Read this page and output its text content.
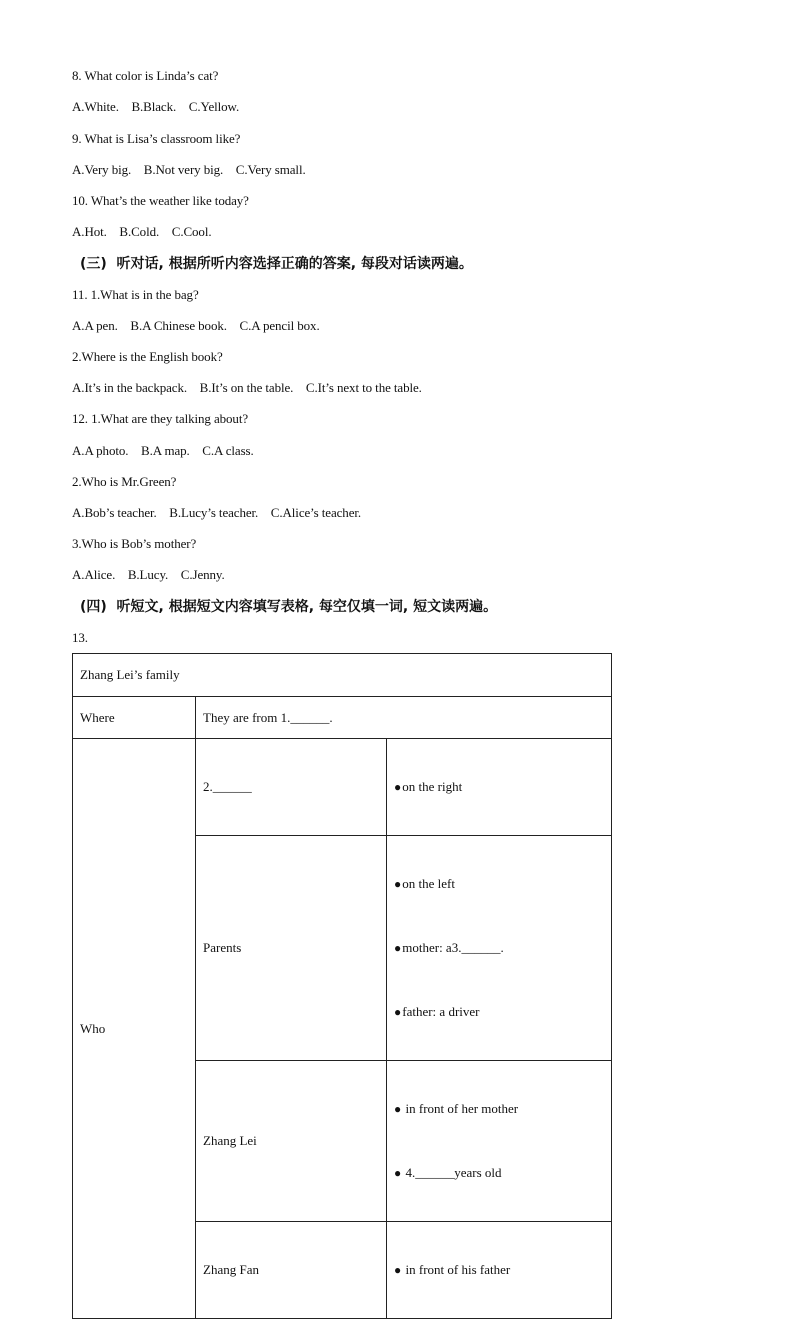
8. What color is Linda’s cat?
A.White.    B.Black.    C.Yellow.
9. What is Lisa’s classroom like?
A.Very big.    B.Not very big.    C.Very small.
10. What’s the weather like today?
A.Hot.    B.Cold.    C.Cool.
(三)  听对话, 根据所听内容选择正确的答案, 每段对话读两遍。
11. 1.What is in the bag?
A.A pen.    B.A Chinese book.    C.A pencil box.
2.Where is the English book?
A.It’s in the backpack.    B.It’s on the table.    C.It’s next to the table.
12. 1.What are they talking about?
A.A photo.    B.A map.    C.A class.
2.Who is Mr.Green?
A.Bob’s teacher.    B.Lucy’s teacher.    C.Alice’s teacher.
3.Who is Bob’s mother?
A.Alice.    B.Lucy.    C.Jenny.
(四)  听短文, 根据短文内容填写表格, 每空仅填一词, 短文读两遍。
13.
Zhang Lei’s family		
Where	They are from 1.______.	
Who	2.______	●on the right

	Parents	●on the left

●mother: a3.______.

●father: a driver

	Zhang Lei	● in front of her mother

● 4.______years old

	Zhang Fan	● in front of his father
